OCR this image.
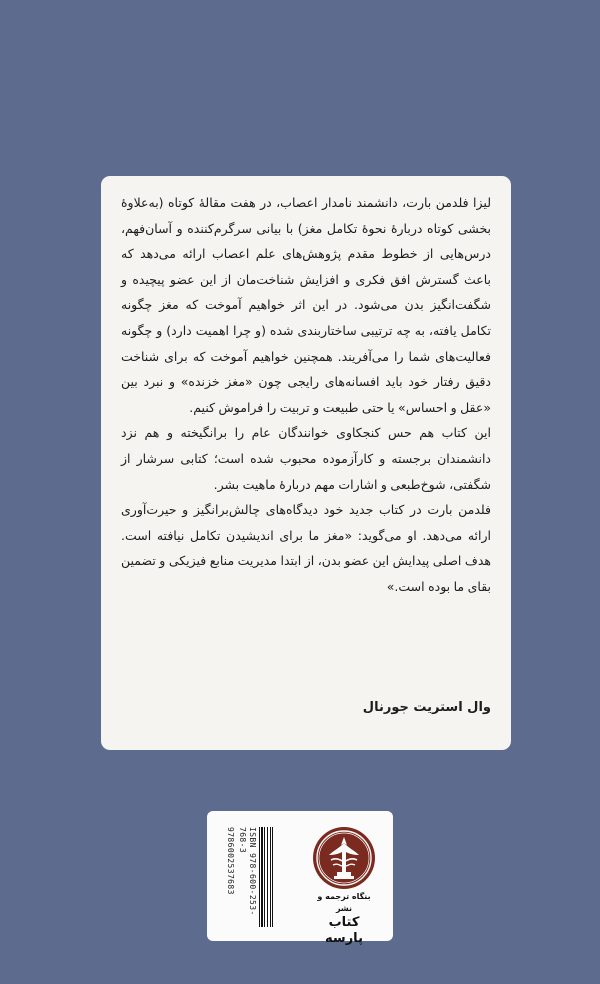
لیزا فلدمن بارت، دانشمند نامدار اعصاب، در هفت مقالهٔ کوتاه (به‌علاوهٔ بخشی کوتاه دربارهٔ نحوهٔ تکامل مغز) با بیانی سرگرم‌کننده و آسان‌فهم، درس‌هایی از خطوط مقدم پژوهش‌های علم اعصاب ارائه می‌دهد که باعث گسترش افق فکری و افزایش شناخت‌مان از این عضو پیچیده و شگفت‌انگیز بدن می‌شود. در این اثر خواهیم آموخت که مغز چگونه تکامل یافته، به چه ترتیبی ساختاربندی شده (و چرا اهمیت دارد) و چگونه فعالیت‌های شما را می‌آفریند. همچنین خواهیم آموخت که برای شناخت دقیق رفتار خود باید افسانه‌های رایجی چون «مغز خزنده» و نبرد بین «عقل و احساس» یا حتی طبیعت و تربیت را فراموش کنیم.

این کتاب هم حس کنجکاوی خوانندگان عام را برانگیخته و هم نزد دانشمندان برجسته و کارآزموده محبوب شده است؛ کتابی سرشار از شگفتی، شوخ‌طبعی و اشارات مهم دربارهٔ ماهیت بشر.

فلدمن بارت در کتاب جدید خود دیدگاه‌های چالش‌برانگیز و حیرت‌آوری ارائه می‌دهد. او می‌گوید: «مغز ما برای اندیشیدن تکامل نیافته است. هدف اصلی پیدایش این عضو بدن، از ابتدا مدیریت منابع فیزیکی و تضمین بقای ما بوده است.»

وال استریت جورنال
ISBN 978-600-253-768-3
9786002537683
بنگاه ترجمه و نشر
کتاب پارسه
